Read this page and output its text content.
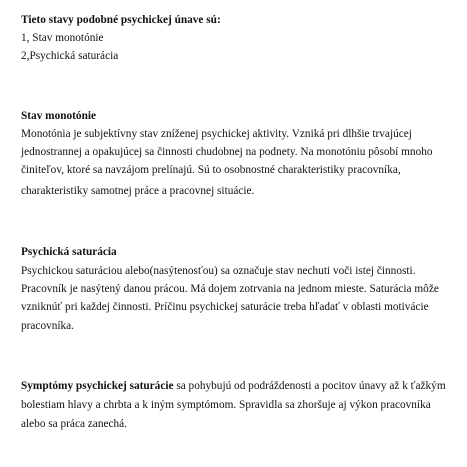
Tieto stavy podobné psychickej únave sú:
1, Stav monotónie
2,Psychická saturácia
Stav monotónie
Monotónia je subjektívny stav zníženej psychickej aktivity. Vzniká pri dlhšie trvajúcej
jednostrannej a opakujúcej sa činnosti chudobnej na podnety. Na monotóniu pôsobí mnoho
činiteľov, ktoré sa navzájom prelínajú. Sú to osobnostné charakteristiky pracovníka,
charakteristiky samotnej práce a pracovnej situácie.
Psychická saturácia
Psychickou saturáciou alebo(nasýtenosťou) sa označuje stav nechuti voči istej činnosti.
Pracovník je nasýtený danou prácou. Má dojem zotrvania na jednom mieste. Saturácia môže
vzniknúť pri každej činnosti. Príčinu psychickej saturácie treba hľadať v oblasti motivácie
pracovníka.
Symptómy psychickej saturácie sa pohybujú od podráždenosti a pocitov únavy až k ťažkým
bolestiam hlavy a chrbta a k iným symptómom. Spravidla sa zhoršuje aj výkon pracovníka
alebo sa práca zanechá.
